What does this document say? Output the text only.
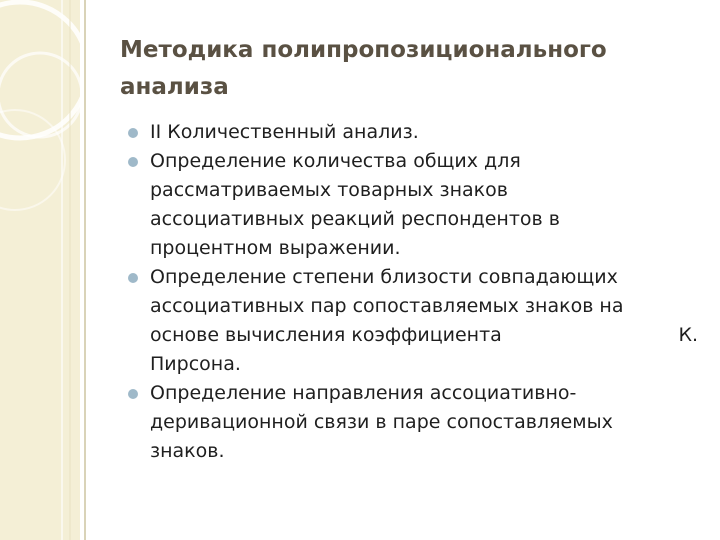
Методика полипропозиционального
анализа
II Количественный анализ.
Определение количества общих для
рассматриваемых товарных знаков
ассоциативных реакций респондентов в
процентном выражении.
Определение степени близости совпадающих
ассоциативных пар сопоставляемых знаков на
основе вычисления коэффициента	К.
Пирсона.
Определение направления ассоциативно-
деривационной связи в паре сопоставляемых
знаков.
